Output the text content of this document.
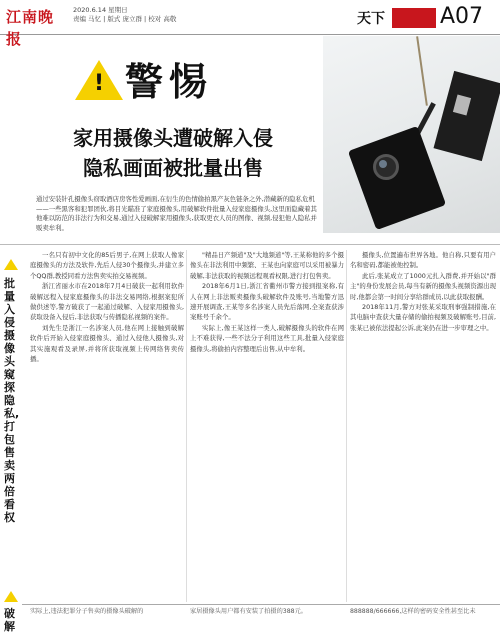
江南晚报
2020.6.14 星期日
责编 马忆 | 版式 庞立群 | 校对 高敬	天下	A07
! 警惕
家用摄像头遭破解入侵
隐私画面被批量出售
通过安装针孔摄像头窃取酒店房客性爱画面,在衍生的色情偷拍黑产灰色链条之外,潜藏新的隐私危机——一些黑客和犯罪团伙,将目光瞄准了家庭摄像头,用破解软件批量入侵家庭摄像头,这里面隐藏着其他难以防范的非法行为和交易,通过入侵破解家用摄像头,获取更衣人员的图像、视频,侵犯他人隐私并贩卖牟利。
批量入侵摄像头窥探隐私,打包售卖两倍看权
破解

一名只有初中文化的85后男子,在网上获取人像家庭摄像头的方法及软件,先后人侵30个摄像头,并建立多个QQ群,教授同看方法售卖实拍交易视频。

浙江省丽水市在2018年7月4日破获一起利用软件破解远程入侵家庭摄像头的非法交易网络,根据案犯所做供述等,警方破获了一起通过破解、入侵家用摄像头,获取设备入侵后,非法获取与传播隐私视频的案件。

刘先生是浙江一名涉案人员,他在网上接触到破解软件后开始入侵家庭摄像头、通过入侵他人摄像头,对其实施观看及录屏,并将所获取视频上传网络售卖传播。

"精品日产频道"及"大地频道"等,王某称他的多个摄像头在非法利用中频繁、王某也向家庭可以采用被暴力破解,非法获取的视频远程观看权限,进行打包售卖。

2018年6月1日,浙江省衢州市警方接到报案称,有人在网上非法贩卖摄像头破解软件及账号,当地警方迅速开展调查,王某等多名涉案人员先后落网,全案查获涉案账号千余个。

实际上,像王某这样一类人,破解摄像头的软件在网上不难获得,一些不法分子利用这些工具,批量入侵家庭摄像头,将偷拍内容整理后出售,从中牟利。

摄像头,位置遍布世界各地。他自称,只要有用户名和密码,都能被他控制。

此后,张某成立了1000元扎入群费,并开始以"群主"的身份发展会员,每当有新的摄像头视频资源出现时,他都会第一时间分享给群成员,以此获取报酬。

2018年11月,警方对张某采取刑事强制措施,在其电脑中查获大量存储的偷拍视频及破解账号,目前,张某已被依法提起公诉,此案仍在进一步审理之中。

实际上,违法犯罪分子售卖的摄像头破解的	家居摄像头用户都有安装了拍摄的388元。	888888/666666,这样的密码安全性甚至比未
